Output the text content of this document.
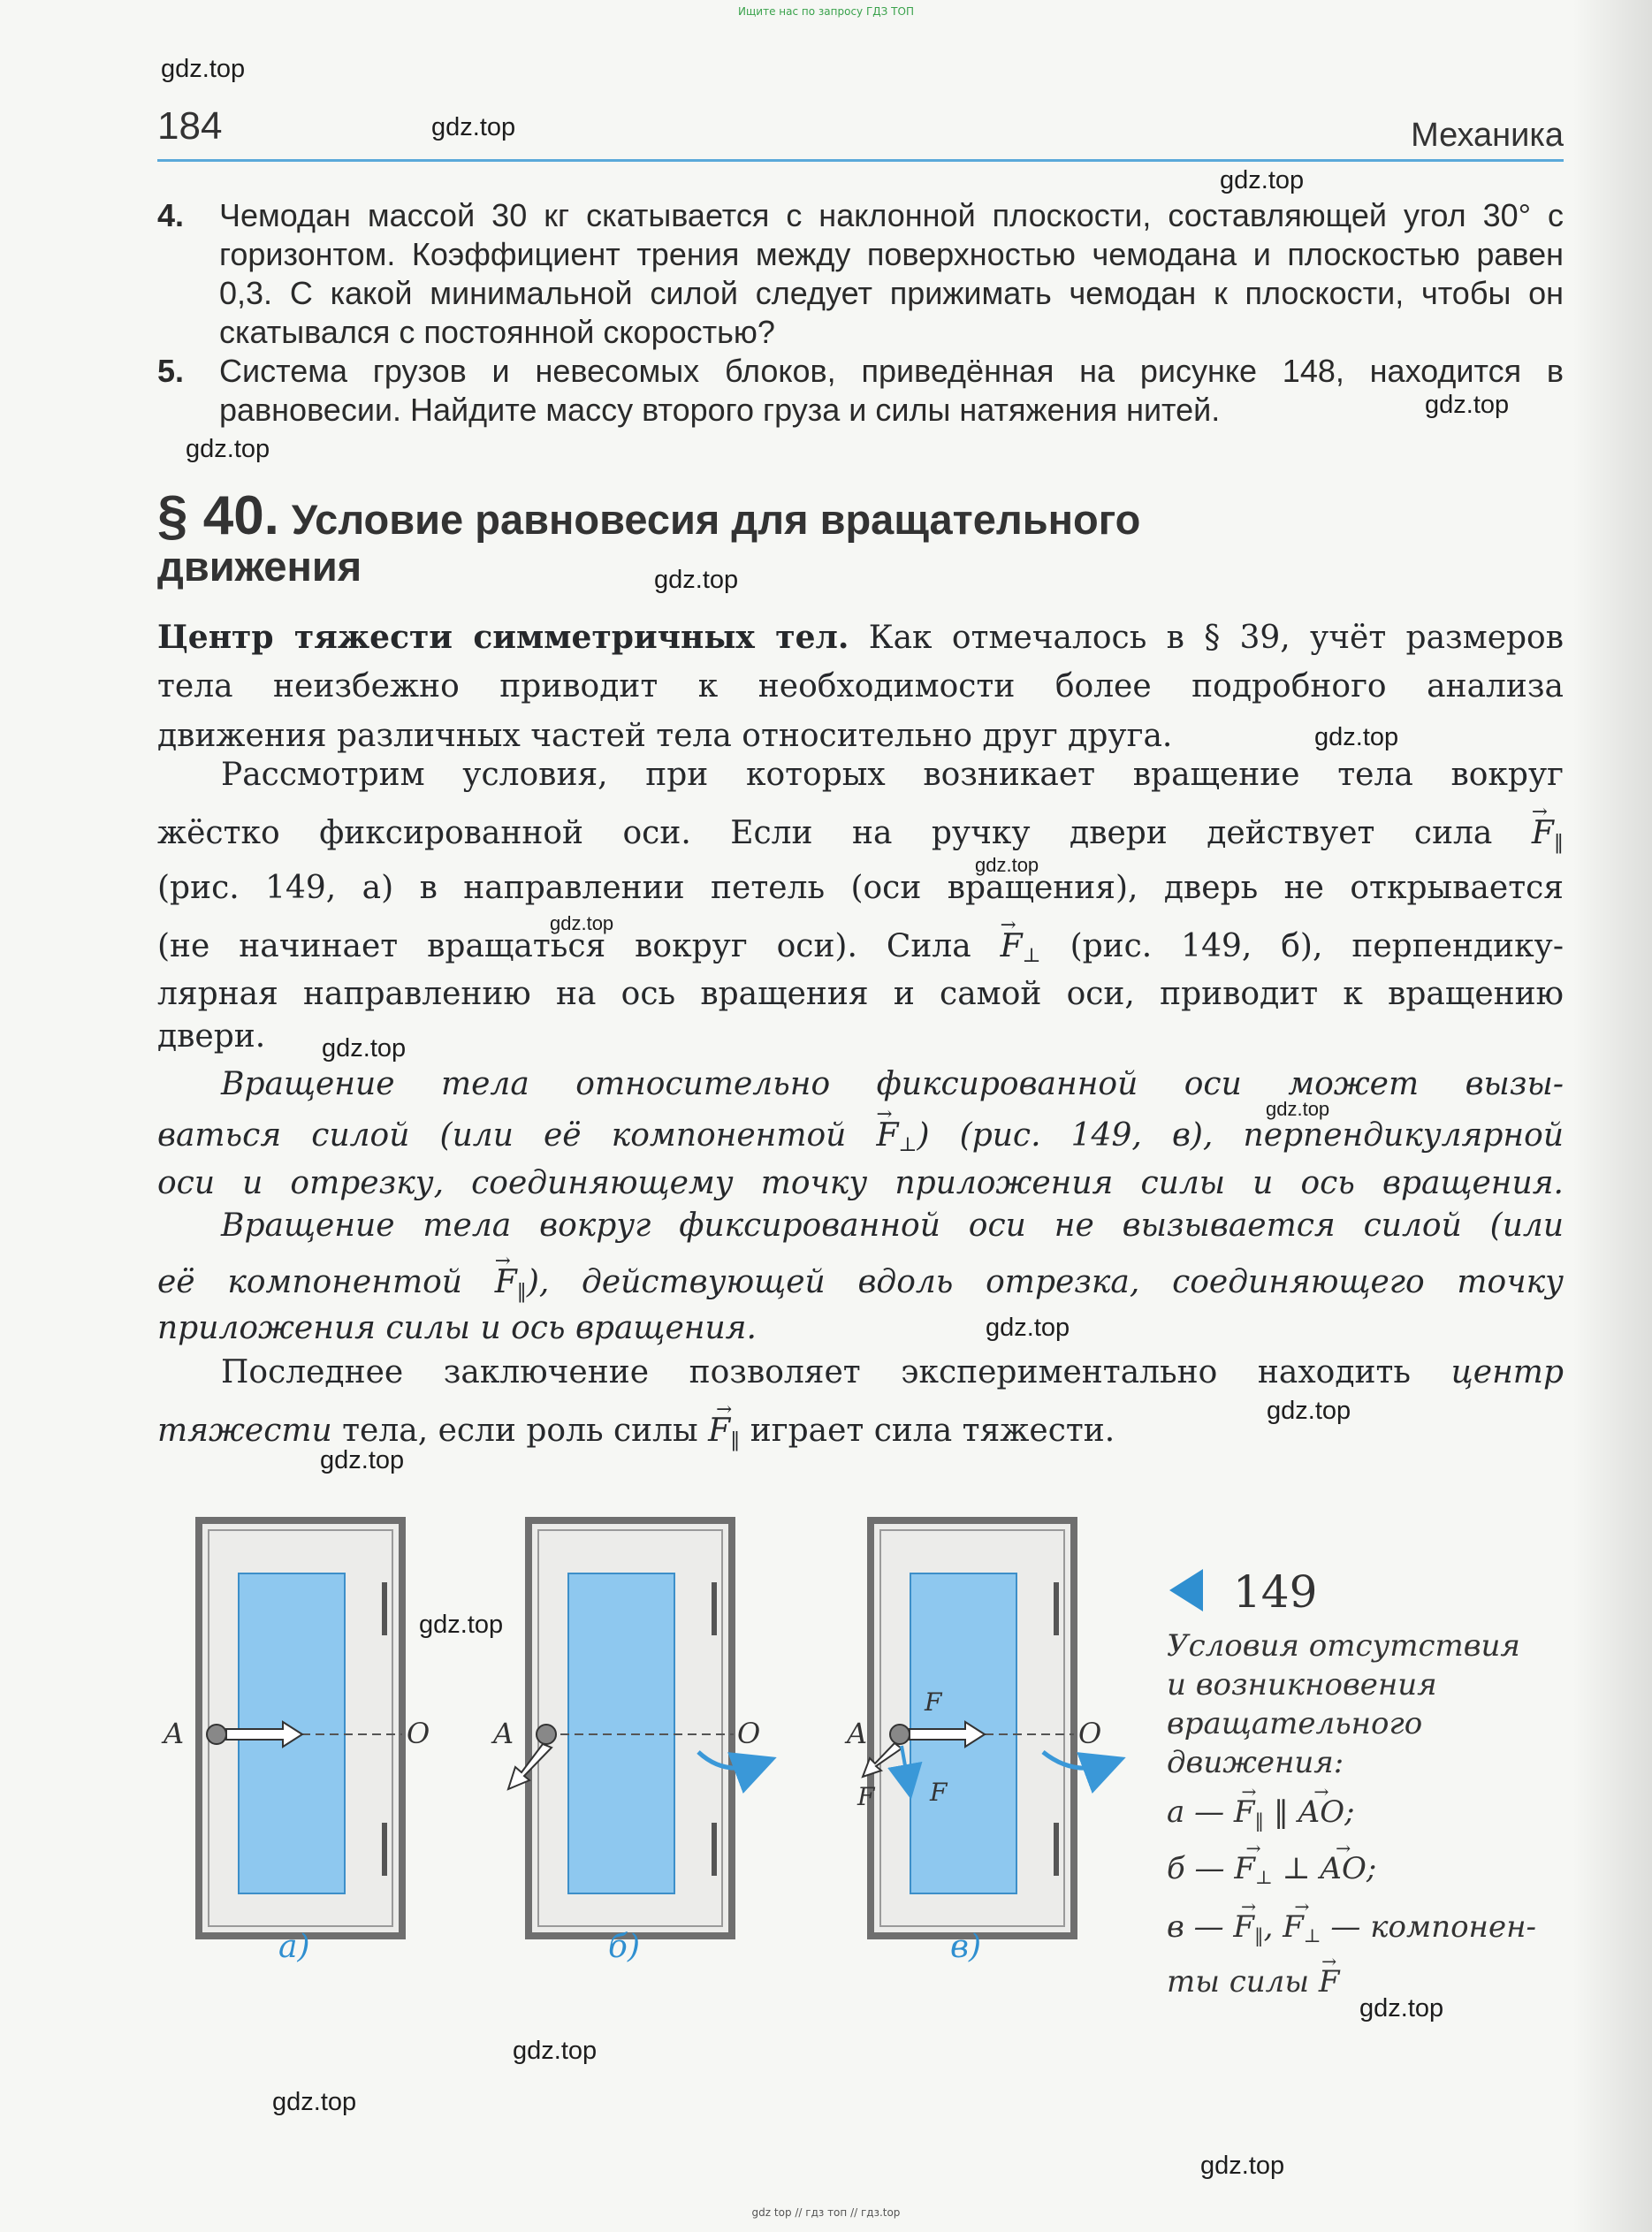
Ищите нас по запросу ГДЗ ТОП
gdz.top
gdz.top
gdz.top
gdz.top
gdz.top
gdz.top
gdz.top
gdz.top
gdz.top
gdz.top
gdz.top
gdz.top
gdz.top
gdz.top
gdz.top
gdz.top
gdz.top
gdz.top
gdz.top
184	Механика
4. Чемодан массой 30 кг скатывается с наклонной плоскости, составляющей угол 30° с горизонтом. Коэффициент трения между поверхностью чемодана и плоскостью равен 0,3. С какой минимальной силой следует прижимать чемодан к плоскости, чтобы он скатывался с постоянной скоростью?
5. Система грузов и невесомых блоков, приведённая на рисунке 148, находится в равновесии. Найдите массу второго груза и силы натяжения нитей.
§ 40. Условие равновесия для вращательного
движения
Центр тяжести симметричных тел. Как отмечалось в § 39, учёт размеров
тела неизбежно приводит к необходимости более подробного анализа
движения различных частей тела относительно друг друга.
Рассмотрим условия, при которых возникает вращение тела вокруг
жёстко фиксированной оси. Если на ручку двери действует сила → $F_‖$
(рис. 149, а) в направлении петель (оси вращения), дверь не открывается
(не начинает вращаться вокруг оси). Сила → $F_\perp$ (рис. 149, б), перпендику-
лярная направлению на ось вращения и самой оси, приводит к вращению
двери.
Вращение тела относительно фиксированной оси может вызы-
ваться силой (или её компонентой → $F_\perp$) (рис. 149, в), перпендикулярной
оси и отрезку, соединяющему точку приложения силы и ось вращения.
Вращение тела вокруг фиксированной оси не вызывается силой (или
её компонентой → $F_‖$), действующей вдоль отрезка, соединяющего точку
приложения силы и ось вращения.
Последнее заключение позволяет экспериментально находить центр
тяжести тела, если роль силы → $F_‖$ играет сила тяжести.
A	O A	O
F
F F
A	O
а)	б)	в)
149
Условия отсутствия
и возникновения
вращательного
движения:
а — → $F_‖$ ‖ → AO;
б — → $F_\perp$ ⊥ → AO;
в — → $F_‖$, → $F_\perp$ — компонен-
ты силы → F
gdz top // гдз топ // гдз.top
